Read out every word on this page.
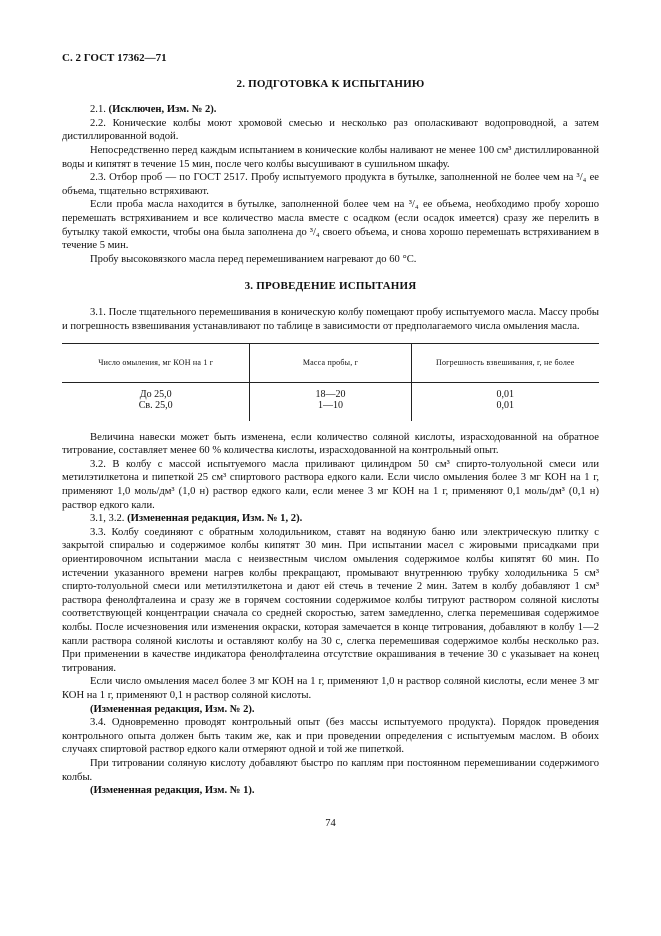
С. 2 ГОСТ 17362—71
2. ПОДГОТОВКА К ИСПЫТАНИЮ

2.1. (Исключен, Изм. № 2).

2.2. Конические колбы моют хромовой смесью и несколько раз ополаскивают водопроводной, а затем дистиллированной водой.

Непосредственно перед каждым испытанием в конические колбы наливают не менее 100 см³ дистиллированной воды и кипятят в течение 15 мин, после чего колбы высушивают в сушильном шкафу.

2.3. Отбор проб — по ГОСТ 2517. Пробу испытуемого продукта в бутылке, заполненной не более чем на ³/₄ ее объема, тщательно встряхивают.

Если проба масла находится в бутылке, заполненной более чем на ³/₄ ее объема, необходимо пробу хорошо перемешать встряхиванием и все количество масла вместе с осадком (если осадок имеется) сразу же перелить в бутылку такой емкости, чтобы она была заполнена до ³/₄ своего объема, и снова хорошо перемешать встряхиванием в течение 5 мин.

Пробу высоковязкого масла перед перемешиванием нагревают до 60 °С.

3. ПРОВЕДЕНИЕ ИСПЫТАНИЯ

3.1. После тщательного перемешивания в коническую колбу помещают пробу испытуемого масла. Массу пробы и погрешность взвешивания устанавливают по таблице в зависимости от предполагаемого числа омыления масла.

Число омыления, мг КОН на 1 г	Масса пробы, г	Погрешность взвешивания, г, не более
До 25,0	18—20	0,01
Св. 25,0	1—10	0,01

Величина навески может быть изменена, если количество соляной кислоты, израсходованной на обратное титрование, составляет менее 60 % количества кислоты, израсходованной на контрольный опыт.

3.2. В колбу с массой испытуемого масла приливают цилиндром 50 см³ спирто-толуольной смеси или метилэтилкетона и пипеткой 25 см³ спиртового раствора едкого кали. Если число омыления более 3 мг КОН на 1 г, применяют 1,0 моль/дм³ (1,0 н) раствор едкого кали, если менее 3 мг КОН на 1 г, применяют 0,1 моль/дм³ (0,1 н) раствор едкого кали.

3.1, 3.2. (Измененная редакция, Изм. № 1, 2).

3.3. Колбу соединяют с обратным холодильником, ставят на водяную баню или электрическую плитку с закрытой спиралью и содержимое колбы кипятят 30 мин. При испытании масел с жировыми присадками при ориентировочном испытании масла с неизвестным числом омыления содержимое колбы кипятят 60 мин. По истечении указанного времени нагрев колбы прекращают, промывают внутреннюю трубку холодильника 5 см³ спирто-толуольной смеси или метилэтилкетона и дают ей стечь в течение 2 мин. Затем в колбу добавляют 1 см³ раствора фенолфталеина и сразу же в горячем состоянии содержимое колбы титруют раствором соляной кислоты соответствующей концентрации сначала со средней скоростью, затем замедленно, слегка перемешивая содержимое колбы. После исчезновения или изменения окраски, которая замечается в конце титрования, добавляют в колбу 1—2 капли раствора соляной кислоты и оставляют колбу на 30 с, слегка перемешивая содержимое колбы несколько раз. При применении в качестве индикатора фенолфталеина отсутствие окрашивания в течение 30 с указывает на конец титрования.

Если число омыления масел более 3 мг КОН на 1 г, применяют 1,0 н раствор соляной кислоты, если менее 3 мг КОН на 1 г, применяют 0,1 н раствор соляной кислоты.

(Измененная редакция, Изм. № 2).

3.4. Одновременно проводят контрольный опыт (без массы испытуемого продукта). Порядок проведения контрольного опыта должен быть таким же, как и при проведении определения с испытуемым маслом. В обоих случаях спиртовой раствор едкого кали отмеряют одной и той же пипеткой.

При титровании соляную кислоту добавляют быстро по каплям при постоянном перемешивании содержимого колбы.

(Измененная редакция, Изм. № 1).

74
